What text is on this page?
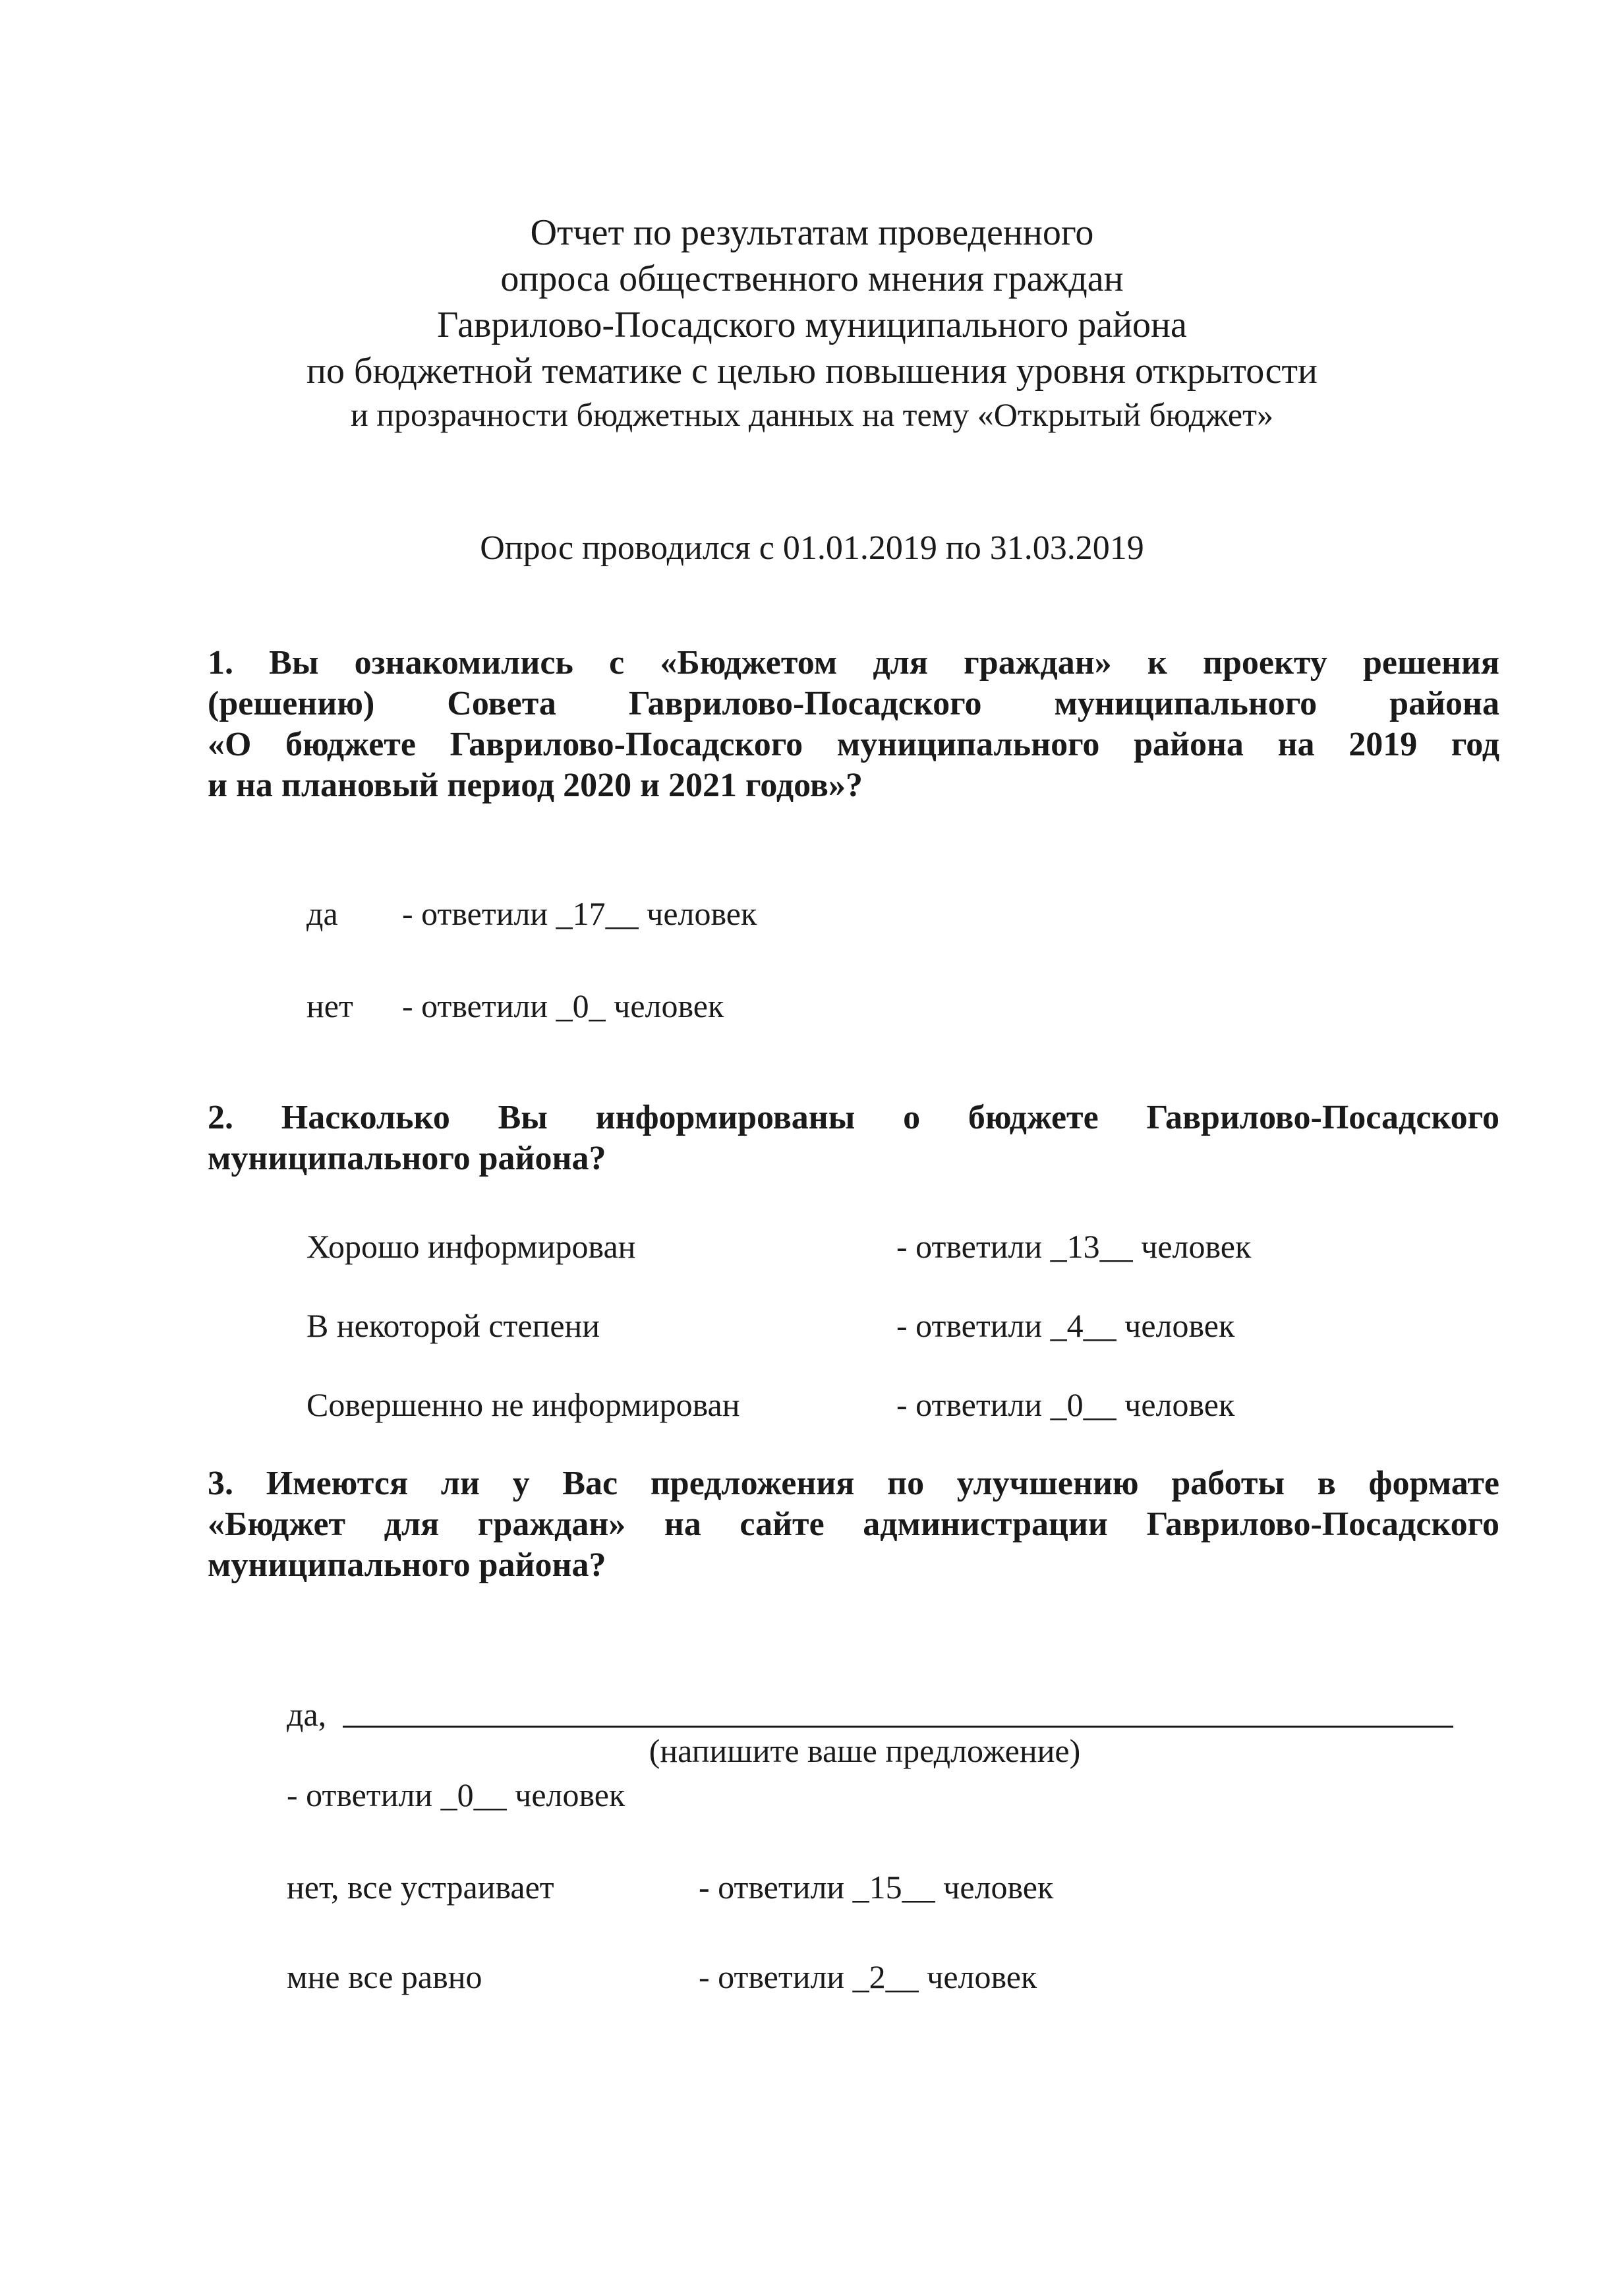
Отчет по результатам проведенного
опроса общественного мнения граждан
Гаврилово-Посадского муниципального района
по бюджетной тематике с целью повышения уровня открытости
и прозрачности бюджетных данных на тему «Открытый бюджет»
Опрос проводился с 01.01.2019 по 31.03.2019
1. Вы ознакомились с «Бюджетом для граждан» к проекту решения
(решению) Совета Гаврилово-Посадского муниципального района
«О бюджете Гаврилово-Посадского муниципального района на 2019 год
и на плановый период 2020 и 2021 годов»?
да - ответили _17__ человек
нет - ответили _0_ человек
2. Насколько Вы информированы о бюджете Гаврилово-Посадского
муниципального района?
Хорошо информирован	- ответили _13__ человек
В некоторой степени	- ответили _4__ человек
Совершенно не информирован	- ответили _0__ человек
3. Имеются ли у Вас предложения по улучшению работы в формате
«Бюджет для граждан» на сайте администрации Гаврилово-Посадского
муниципального района?
да,
(напишите ваше предложение)
- ответили _0__ человек
нет, все устраивает	- ответили _15__ человек
мне все равно	- ответили _2__ человек
